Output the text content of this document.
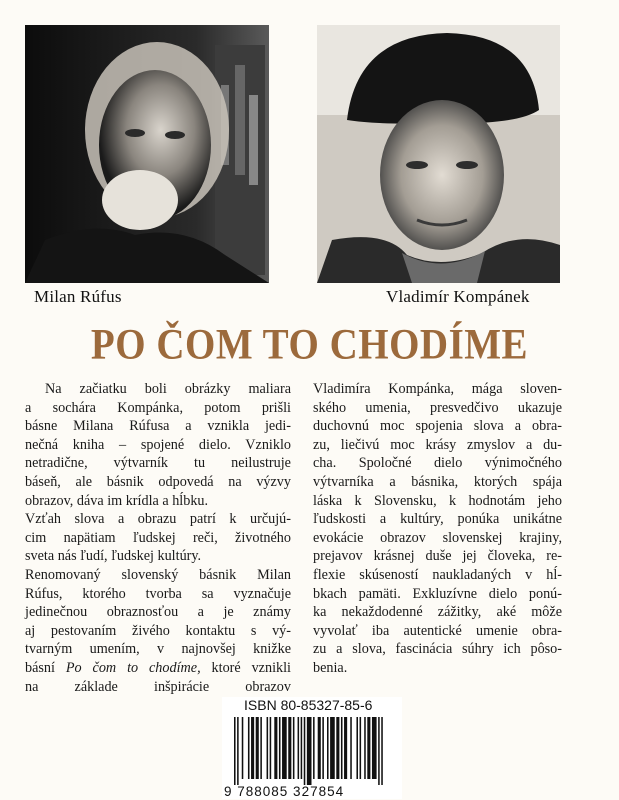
Milan Rúfus	Vladimír Kompánek
PO ČOM TO CHODÍME
Na začiatku boli obrázky maliara
a sochára Kompánka, potom prišli
básne Milana Rúfusa a vznikla jedi-
nečná kniha – spojené dielo. Vzniklo
netradične, výtvarník tu neilustruje
báseň, ale básnik odpovedá na výzvy
obrazov, dáva im krídla a hĺbku.
Vzťah slova a obrazu patrí k určujú-
cim napätiam ľudskej reči, životného
sveta nás ľudí, ľudskej kultúry.
Renomovaný slovenský básnik Milan
Rúfus, ktorého tvorba sa vyznačuje
jedinečnou obraznosťou a je známy
aj pestovaním živého kontaktu s vý-
tvarným umením, v najnovšej knižke
básní Po čom to chodíme, ktoré vznikli
na základe inšpirácie obrazov
Vladimíra Kompánka, mága sloven-
ského umenia, presvedčivo ukazuje
duchovnú moc spojenia slova a obra-
zu, liečivú moc krásy zmyslov a du-
cha. Spoločné dielo výnimočného
výtvarníka a básnika, ktorých spája
láska k Slovensku, k hodnotám jeho
ľudskosti a kultúry, ponúka unikátne
evokácie obrazov slovenskej krajiny,
prejavov krásnej duše jej človeka, re-
flexie skúseností naukladaných v hĺ-
bkach pamäti. Exkluzívne dielo ponú-
ka nekaždodenné zážitky, aké môže
vyvolať iba autentické umenie obra-
zu a slova, fascinácia súhry ich pôso-
benia.
ISBN 80-85327-85-6
9 788085 327854
